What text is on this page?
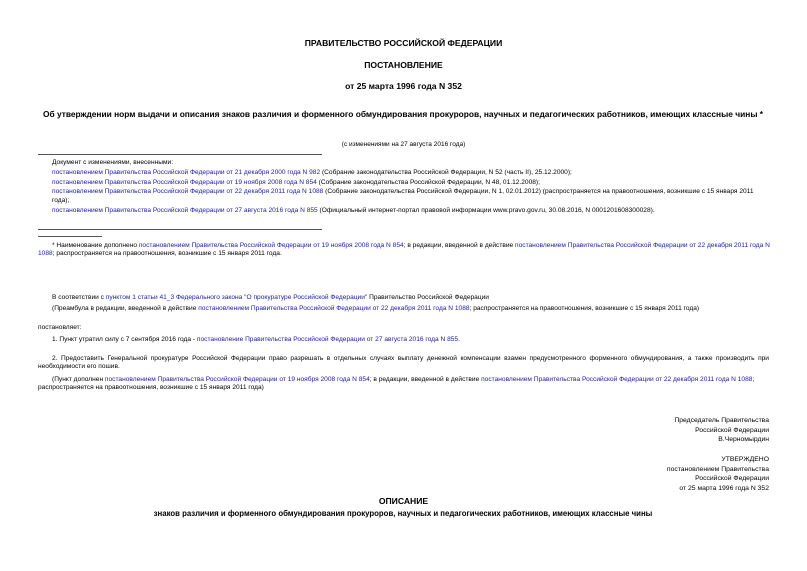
ПРАВИТЕЛЬСТВО РОССИЙСКОЙ ФЕДЕРАЦИИ
ПОСТАНОВЛЕНИЕ
от 25 марта 1996 года N 352
Об утверждении норм выдачи и описания знаков различия и форменного обмундирования прокуроров, научных и педагогических работников, имеющих классные чины *
(с изменениями на 27 августа 2016 года)
Документ с изменениями, внесенными:
постановлением Правительства Российской Федерации от 21 декабря 2000 года N 982 (Собрание законодательства Российской Федерации, N 52 (часть II), 25.12.2000);
постановлением Правительства Российской Федерации от 19 ноября 2008 года N 854 (Собрание законодательства Российской Федерации, N 48, 01.12.2008);
постановлением Правительства Российской Федерации от 22 декабря 2011 года N 1088 (Собрание законодательства Российской Федерации, N 1, 02.01.2012) (распространяется на правоотношения, возникшие с 15 января 2011 года);
постановлением Правительства Российской Федерации от 27 августа 2016 года N 855 (Официальный интернет-портал правовой информации www.pravo.gov.ru, 30.08.2016, N 0001201608300028).
* Наименование дополнено постановлением Правительства Российской Федерации от 19 ноября 2008 года N 854; в редакции, введенной в действие постановлением Правительства Российской Федерации от 22 декабря 2011 года N 1088; распространяется на правоотношения, возникшие с 15 января 2011 года.
В соответствии с пунктом 1 статьи 41_3 Федерального закона "О прокуратуре Российской Федерации" Правительство Российской Федерации
(Преамбула в редакции, введенной в действие постановлением Правительства Российской Федерации от 22 декабря 2011 года N 1088; распространяется на правоотношения, возникшие с 15 января 2011 года)
постановляет:
1. Пункт утратил силу с 7 сентября 2016 года - постановление Правительства Российской Федерации от 27 августа 2016 года N 855.
2. Предоставить Генеральной прокуратуре Российской Федерации право разрешать в отдельных случаях выплату денежной компенсации взамен предусмотренного форменного обмундирования, а также производить при необходимости его пошив.
(Пункт дополнен постановлением Правительства Российской Федерации от 19 ноября 2008 года N 854; в редакции, введенной в действие постановлением Правительства Российской Федерации от 22 декабря 2011 года N 1088; распространяется на правоотношения, возникшие с 15 января 2011 года)
Председатель Правительства
Российской Федерации
В.Черномырдин
УТВЕРЖДЕНО
постановлением Правительства
Российской Федерации
от 25 марта 1996 года N 352
ОПИСАНИЕ
знаков различия и форменного обмундирования прокуроров, научных и педагогических работников, имеющих классные чины
